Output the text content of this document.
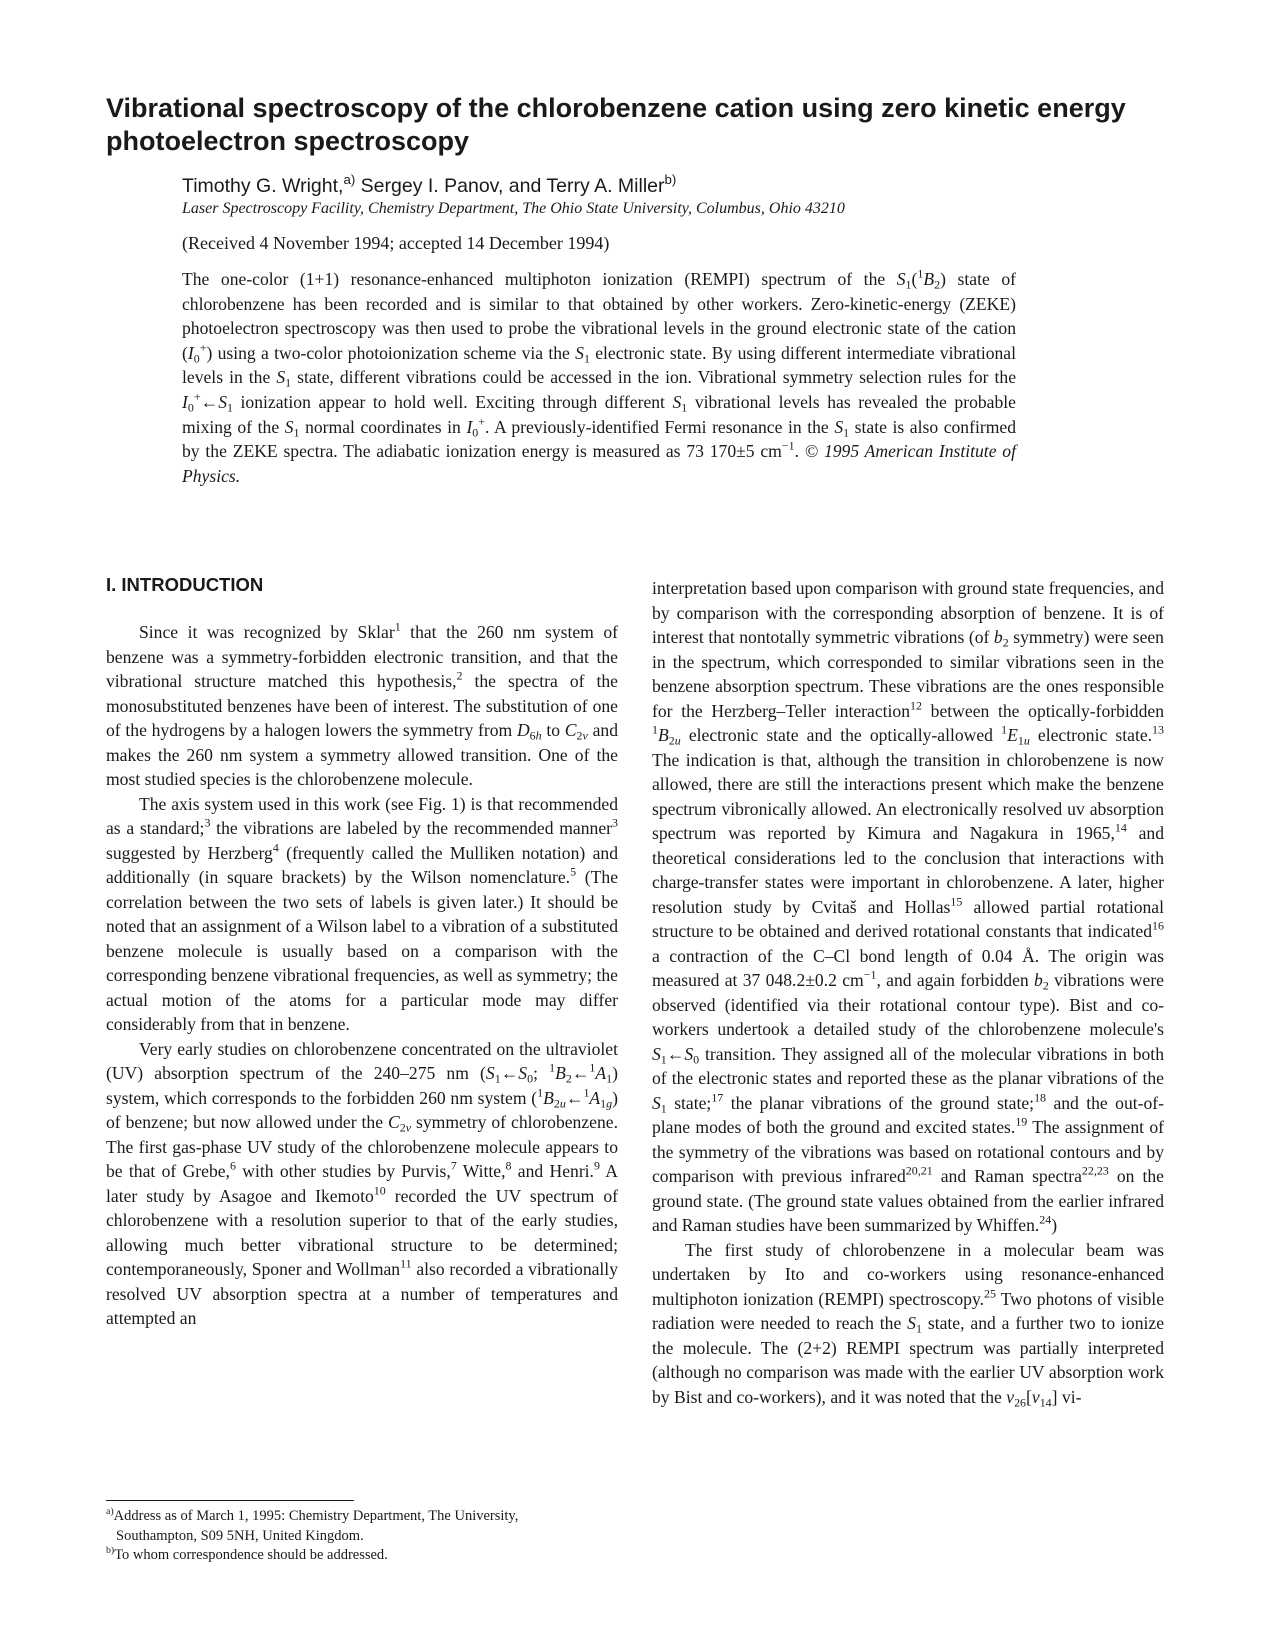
Vibrational spectroscopy of the chlorobenzene cation using zero kinetic energy photoelectron spectroscopy
Timothy G. Wright,$^{a)}$ Sergey I. Panov, and Terry A. Miller$^{b)}$
Laser Spectroscopy Facility, Chemistry Department, The Ohio State University, Columbus, Ohio 43210
(Received 4 November 1994; accepted 14 December 1994)

The one-color (1+1) resonance-enhanced multiphoton ionization (REMPI) spectrum of the $S_1(^1B_2)$ state of chlorobenzene has been recorded and is similar to that obtained by other workers. Zero-kinetic-energy (ZEKE) photoelectron spectroscopy was then used to probe the vibrational levels in the ground electronic state of the cation $(I_0^+)$ using a two-color photoionization scheme via the $S_1$ electronic state. By using different intermediate vibrational levels in the $S_1$ state, different vibrations could be accessed in the ion. Vibrational symmetry selection rules for the $I_0^+\leftarrow S_1$ ionization appear to hold well. Exciting through different $S_1$ vibrational levels has revealed the probable mixing of the $S_1$ normal coordinates in $I_0^+$. A previously-identified Fermi resonance in the $S_1$ state is also confirmed by the ZEKE spectra. The adiabatic ionization energy is measured as 73 170±5 $cm^{-1}$. © 1995 American Institute of Physics.

I. INTRODUCTION

Since it was recognized by Sklar$^1$ that the 260 nm system of benzene was a symmetry-forbidden electronic transition, and that the vibrational structure matched this hypothesis,$^2$ the spectra of the monosubstituted benzenes have been of interest. The substitution of one of the hydrogens by a halogen lowers the symmetry from $D_{6h}$ to $C_{2v}$ and makes the 260 nm system a symmetry allowed transition. One of the most studied species is the chlorobenzene molecule.

The axis system used in this work (see Fig. 1) is that recommended as a standard;$^3$ the vibrations are labeled by the recommended manner$^3$ suggested by Herzberg$^4$ (frequently called the Mulliken notation) and additionally (in square brackets) by the Wilson nomenclature.$^5$ (The correlation between the two sets of labels is given later.) It should be noted that an assignment of a Wilson label to a vibration of a substituted benzene molecule is usually based on a comparison with the corresponding benzene vibrational frequencies, as well as symmetry; the actual motion of the atoms for a particular mode may differ considerably from that in benzene.

Very early studies on chlorobenzene concentrated on the ultraviolet (UV) absorption spectrum of the 240–275 nm ($S_1\leftarrow S_0$; $^1B_2\leftarrow^1A_1$) system, which corresponds to the forbidden 260 nm system $(^1B_{2u}\leftarrow^1A_{1g})$ of benzene; but now allowed under the $C_{2v}$ symmetry of chlorobenzene. The first gas-phase UV study of the chlorobenzene molecule appears to be that of Grebe,$^6$ with other studies by Purvis,$^7$ Witte,$^8$ and Henri.$^9$ A later study by Asagoe and Ikemoto$^{10}$ recorded the UV spectrum of chlorobenzene with a resolution superior to that of the early studies, allowing much better vibrational structure to be determined; contemporaneously, Sponer and Wollman$^{11}$ also recorded a vibrationally resolved UV absorption spectra at a number of temperatures and attempted an

interpretation based upon comparison with ground state frequencies, and by comparison with the corresponding absorption of benzene. It is of interest that nontotally symmetric vibrations (of $b_2$ symmetry) were seen in the spectrum, which corresponded to similar vibrations seen in the benzene absorption spectrum. These vibrations are the ones responsible for the Herzberg–Teller interaction$^{12}$ between the optically-forbidden $^1B_{2u}$ electronic state and the optically-allowed $^1E_{1u}$ electronic state.$^{13}$ The indication is that, although the transition in chlorobenzene is now allowed, there are still the interactions present which make the benzene spectrum vibronically allowed. An electronically resolved uv absorption spectrum was reported by Kimura and Nagakura in 1965,14 and theoretical considerations led to the conclusion that interactions with charge-transfer states were important in chlorobenzene. A later, higher resolution study by Cvitaš and Hollas$^{15}$ allowed partial rotational structure to be obtained and derived rotational constants that indicated$^{16}$ a contraction of the C–Cl bond length of 0.04 Å. The origin was measured at 37 048.2±0.2 $cm^{-1}$, and again forbidden $b_2$ vibrations were observed (identified via their rotational contour type). Bist and co-workers undertook a detailed study of the chlorobenzene molecule's $S_1\leftarrow S_0$ transition. They assigned all of the molecular vibrations in both of the electronic states and reported these as the planar vibrations of the $S_1$ state;$^{17}$ the planar vibrations of the ground state;$^{18}$ and the out-of-plane modes of both the ground and excited states.$^{19}$ The assignment of the symmetry of the vibrations was based on rotational contours and by comparison with previous infrared$^{20,21}$ and Raman spectra$^{22,23}$ on the ground state. (The ground state values obtained from the earlier infrared and Raman studies have been summarized by Whiffen.$^{24}$)

The first study of chlorobenzene in a molecular beam was undertaken by Ito and co-workers using resonance-enhanced multiphoton ionization (REMPI) spectroscopy.$^{25}$ Two photons of visible radiation were needed to reach the $S_1$ state, and a further two to ionize the molecule. The (2+2) REMPI spectrum was partially interpreted (although no comparison was made with the earlier UV absorption work by Bist and co-workers), and it was noted that the $\nu_{26}[\nu_{14}]$ vi-

$^{a)}$Address as of March 1, 1995: Chemistry Department, The University,
Southampton, S09 5NH, United Kingdom.
$^{b)}$To whom correspondence should be addressed.
